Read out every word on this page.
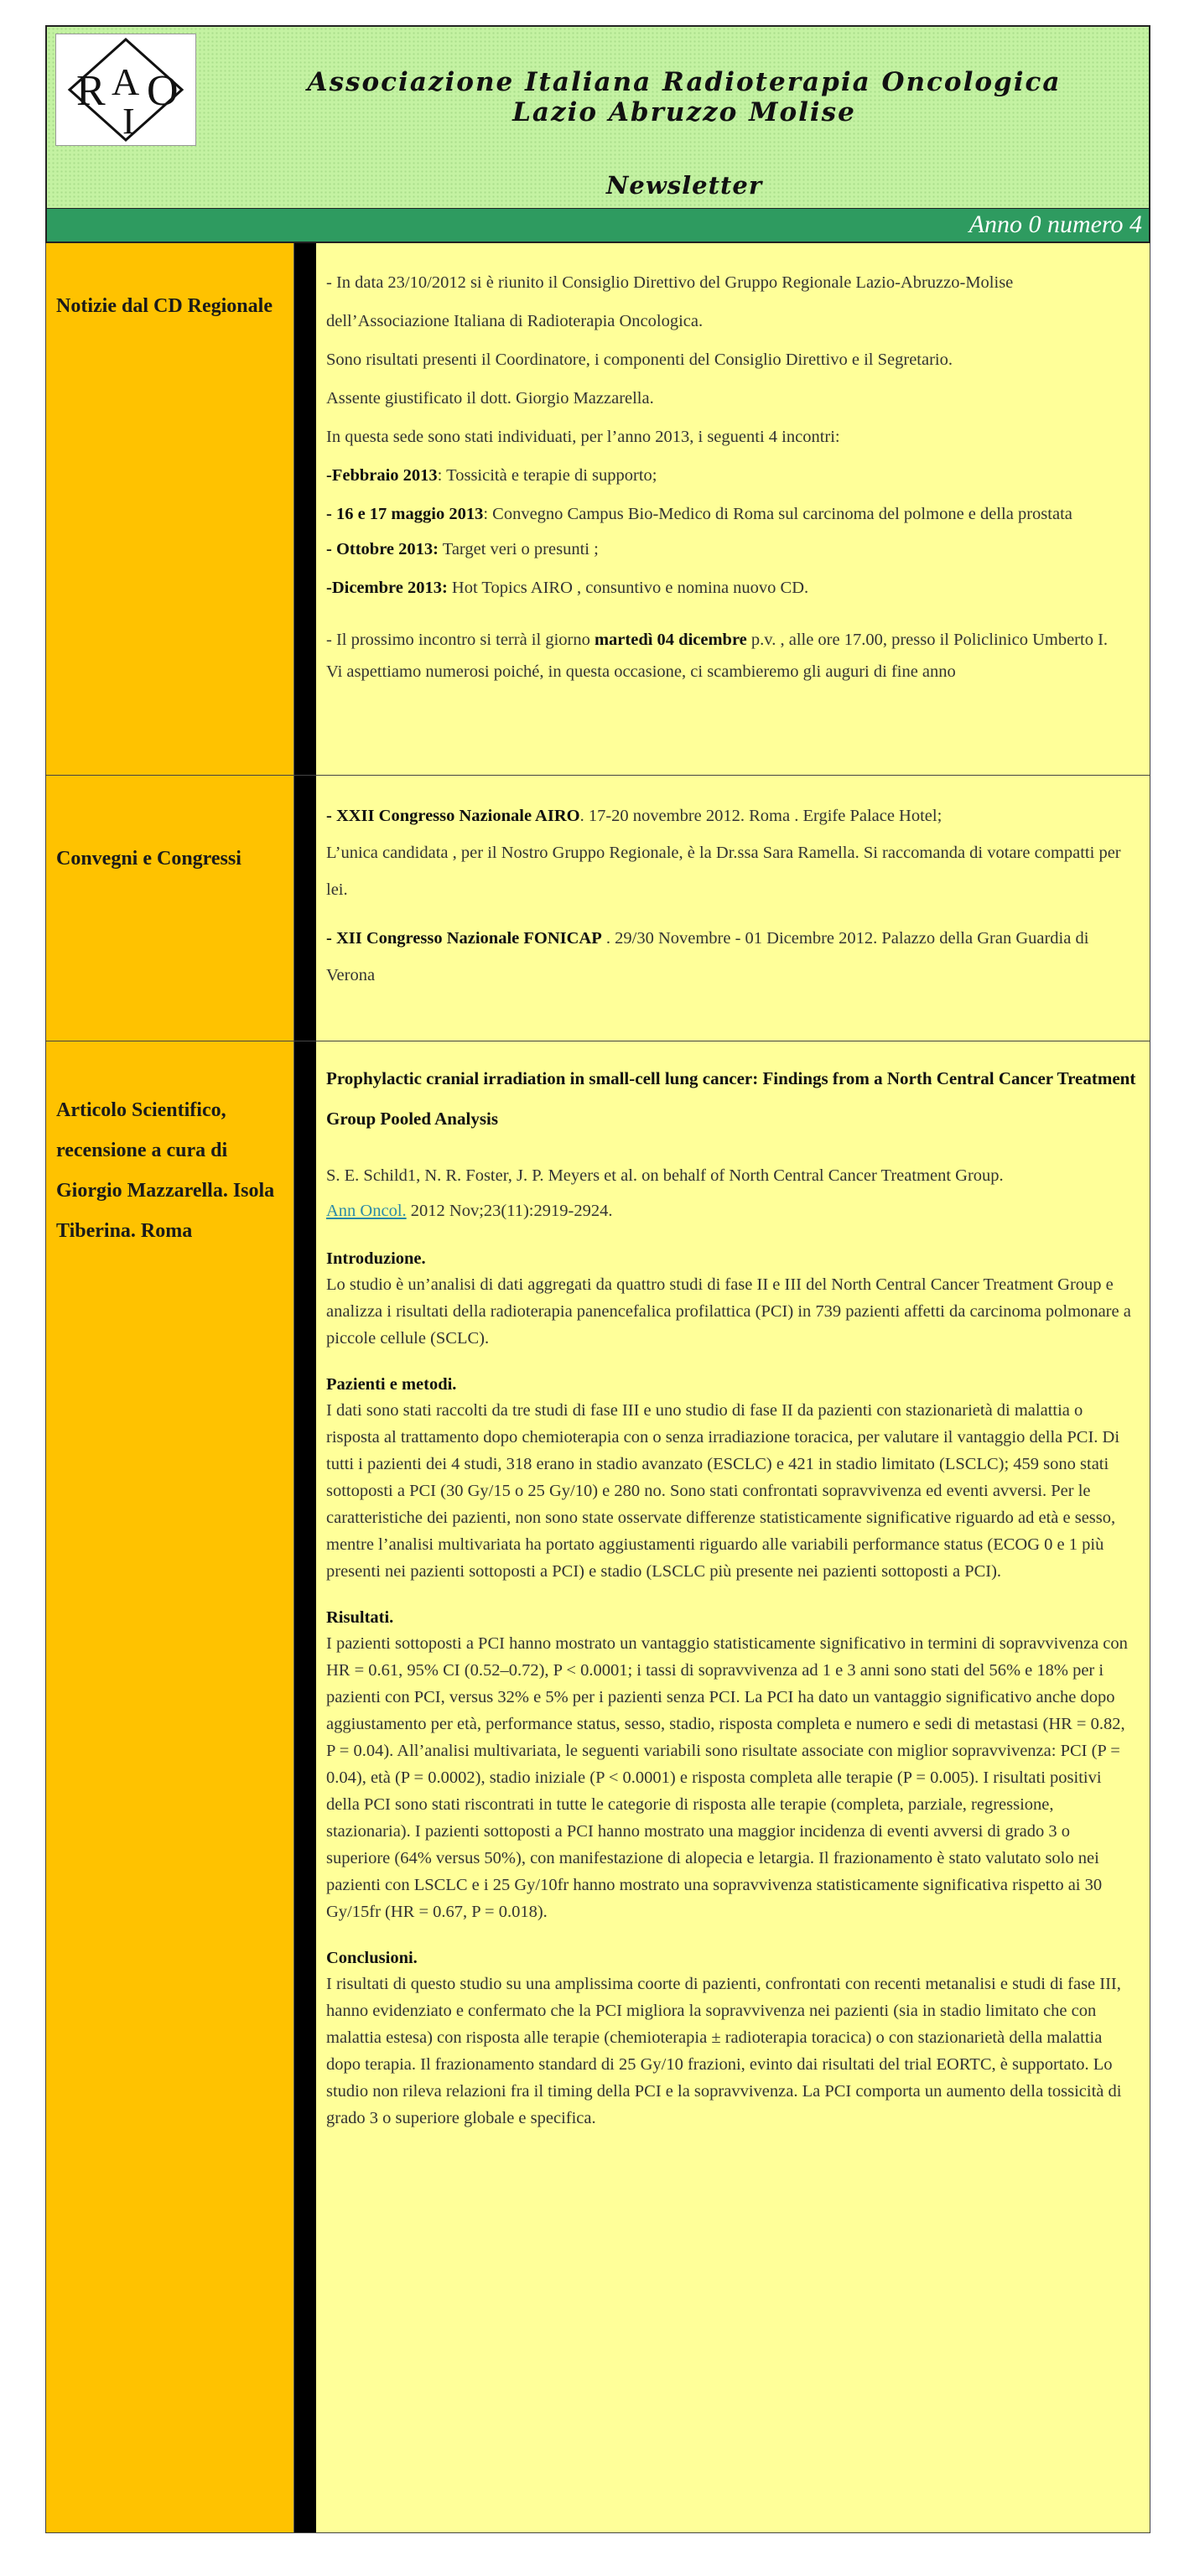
R A
I
O	Associazione Italiana Radioterapia Oncologica
Lazio Abruzzo Molise
Newsletter
Anno 0 numero 4
Notizie dal CD Regionale

- In data 23/10/2012 si è riunito il Consiglio Direttivo del Gruppo Regionale Lazio-Abruzzo-Molise dell’Associazione Italiana di Radioterapia Oncologica.

Sono risultati presenti il Coordinatore, i componenti del Consiglio Direttivo e il Segretario.

Assente giustificato il dott. Giorgio Mazzarella.

In questa sede sono stati individuati, per l’anno 2013, i seguenti 4 incontri:

-Febbraio 2013: Tossicità e terapie di supporto;

- 16 e 17 maggio 2013: Convegno Campus Bio-Medico di Roma sul carcinoma del polmone e della prostata

- Ottobre 2013: Target veri o presunti ;

-Dicembre 2013: Hot Topics AIRO , consuntivo e nomina nuovo CD.

- Il prossimo incontro si terrà il giorno martedì 04 dicembre p.v. , alle ore 17.00, presso il Policlinico Umberto I.

Vi aspettiamo numerosi poiché, in questa occasione, ci scambieremo gli auguri di fine anno

Convegni e Congressi

- XXII Congresso Nazionale AIRO. 17-20 novembre 2012. Roma . Ergife Palace Hotel;

L’unica candidata , per il Nostro Gruppo Regionale, è la Dr.ssa Sara Ramella. Si raccomanda di votare compatti per lei.

- XII Congresso Nazionale FONICAP . 29/30 Novembre - 01 Dicembre 2012. Palazzo della Gran Guardia di Verona

Articolo Scientifico, recensione a cura di Giorgio Mazzarella. Isola Tiberina. Roma

Prophylactic cranial irradiation in small-cell lung cancer: Findings from a North Central Cancer Treatment Group Pooled Analysis

S. E. Schild1, N. R. Foster, J. P. Meyers et al. on behalf of North Central Cancer Treatment Group.

Ann Oncol. 2012 Nov;23(11):2919-2924.

Introduzione.

Lo studio è un’analisi di dati aggregati da quattro studi di fase II e III del North Central Cancer Treatment Group e analizza i risultati della radioterapia panencefalica profilattica (PCI) in 739 pazienti affetti da carcinoma polmonare a piccole cellule (SCLC).

Pazienti e metodi.

I dati sono stati raccolti da tre studi di fase III e uno studio di fase II da pazienti con stazionarietà di malattia o risposta al trattamento dopo chemioterapia con o senza irradiazione toracica, per valutare il vantaggio della PCI. Di tutti i pazienti dei 4 studi, 318 erano in stadio avanzato (ESCLC) e 421 in stadio limitato (LSCLC); 459 sono stati sottoposti a PCI (30 Gy/15 o 25 Gy/10) e 280 no. Sono stati confrontati sopravvivenza ed eventi avversi. Per le caratteristiche dei pazienti, non sono state osservate differenze statisticamente significative riguardo ad età e sesso, mentre l’analisi multivariata ha portato aggiustamenti riguardo alle variabili performance status (ECOG 0 e 1 più presenti nei pazienti sottoposti a PCI) e stadio (LSCLC più presente nei pazienti sottoposti a PCI).

Risultati.

I pazienti sottoposti a PCI hanno mostrato un vantaggio statisticamente significativo in termini di sopravvivenza con HR = 0.61, 95% CI (0.52–0.72), P < 0.0001; i tassi di sopravvivenza ad 1 e 3 anni sono stati del 56% e 18% per i pazienti con PCI, versus 32% e 5% per i pazienti senza PCI. La PCI ha dato un vantaggio significativo anche dopo aggiustamento per età, performance status, sesso, stadio, risposta completa e numero e sedi di metastasi (HR = 0.82, P = 0.04). All’analisi multivariata, le seguenti variabili sono risultate associate con miglior sopravvivenza: PCI (P = 0.04), età (P = 0.0002), stadio iniziale (P < 0.0001) e risposta completa alle terapie (P = 0.005). I risultati positivi della PCI sono stati riscontrati in tutte le categorie di risposta alle terapie (completa, parziale, regressione, stazionaria). I pazienti sottoposti a PCI hanno mostrato una maggior incidenza di eventi avversi di grado 3 o superiore (64% versus 50%), con manifestazione di alopecia e letargia. Il frazionamento è stato valutato solo nei pazienti con LSCLC e i 25 Gy/10fr hanno mostrato una sopravvivenza statisticamente significativa rispetto ai 30 Gy/15fr (HR = 0.67, P = 0.018).

Conclusioni.

I risultati di questo studio su una amplissima coorte di pazienti, confrontati con recenti metanalisi e studi di fase III, hanno evidenziato e confermato che la PCI migliora la sopravvivenza nei pazienti (sia in stadio limitato che con malattia estesa) con risposta alle terapie (chemioterapia ± radioterapia toracica) o con stazionarietà della malattia dopo terapia. Il frazionamento standard di 25 Gy/10 frazioni, evinto dai risultati del trial EORTC, è supportato. Lo studio non rileva relazioni fra il timing della PCI e la sopravvivenza. La PCI comporta un aumento della tossicità di grado 3 o superiore globale e specifica.
